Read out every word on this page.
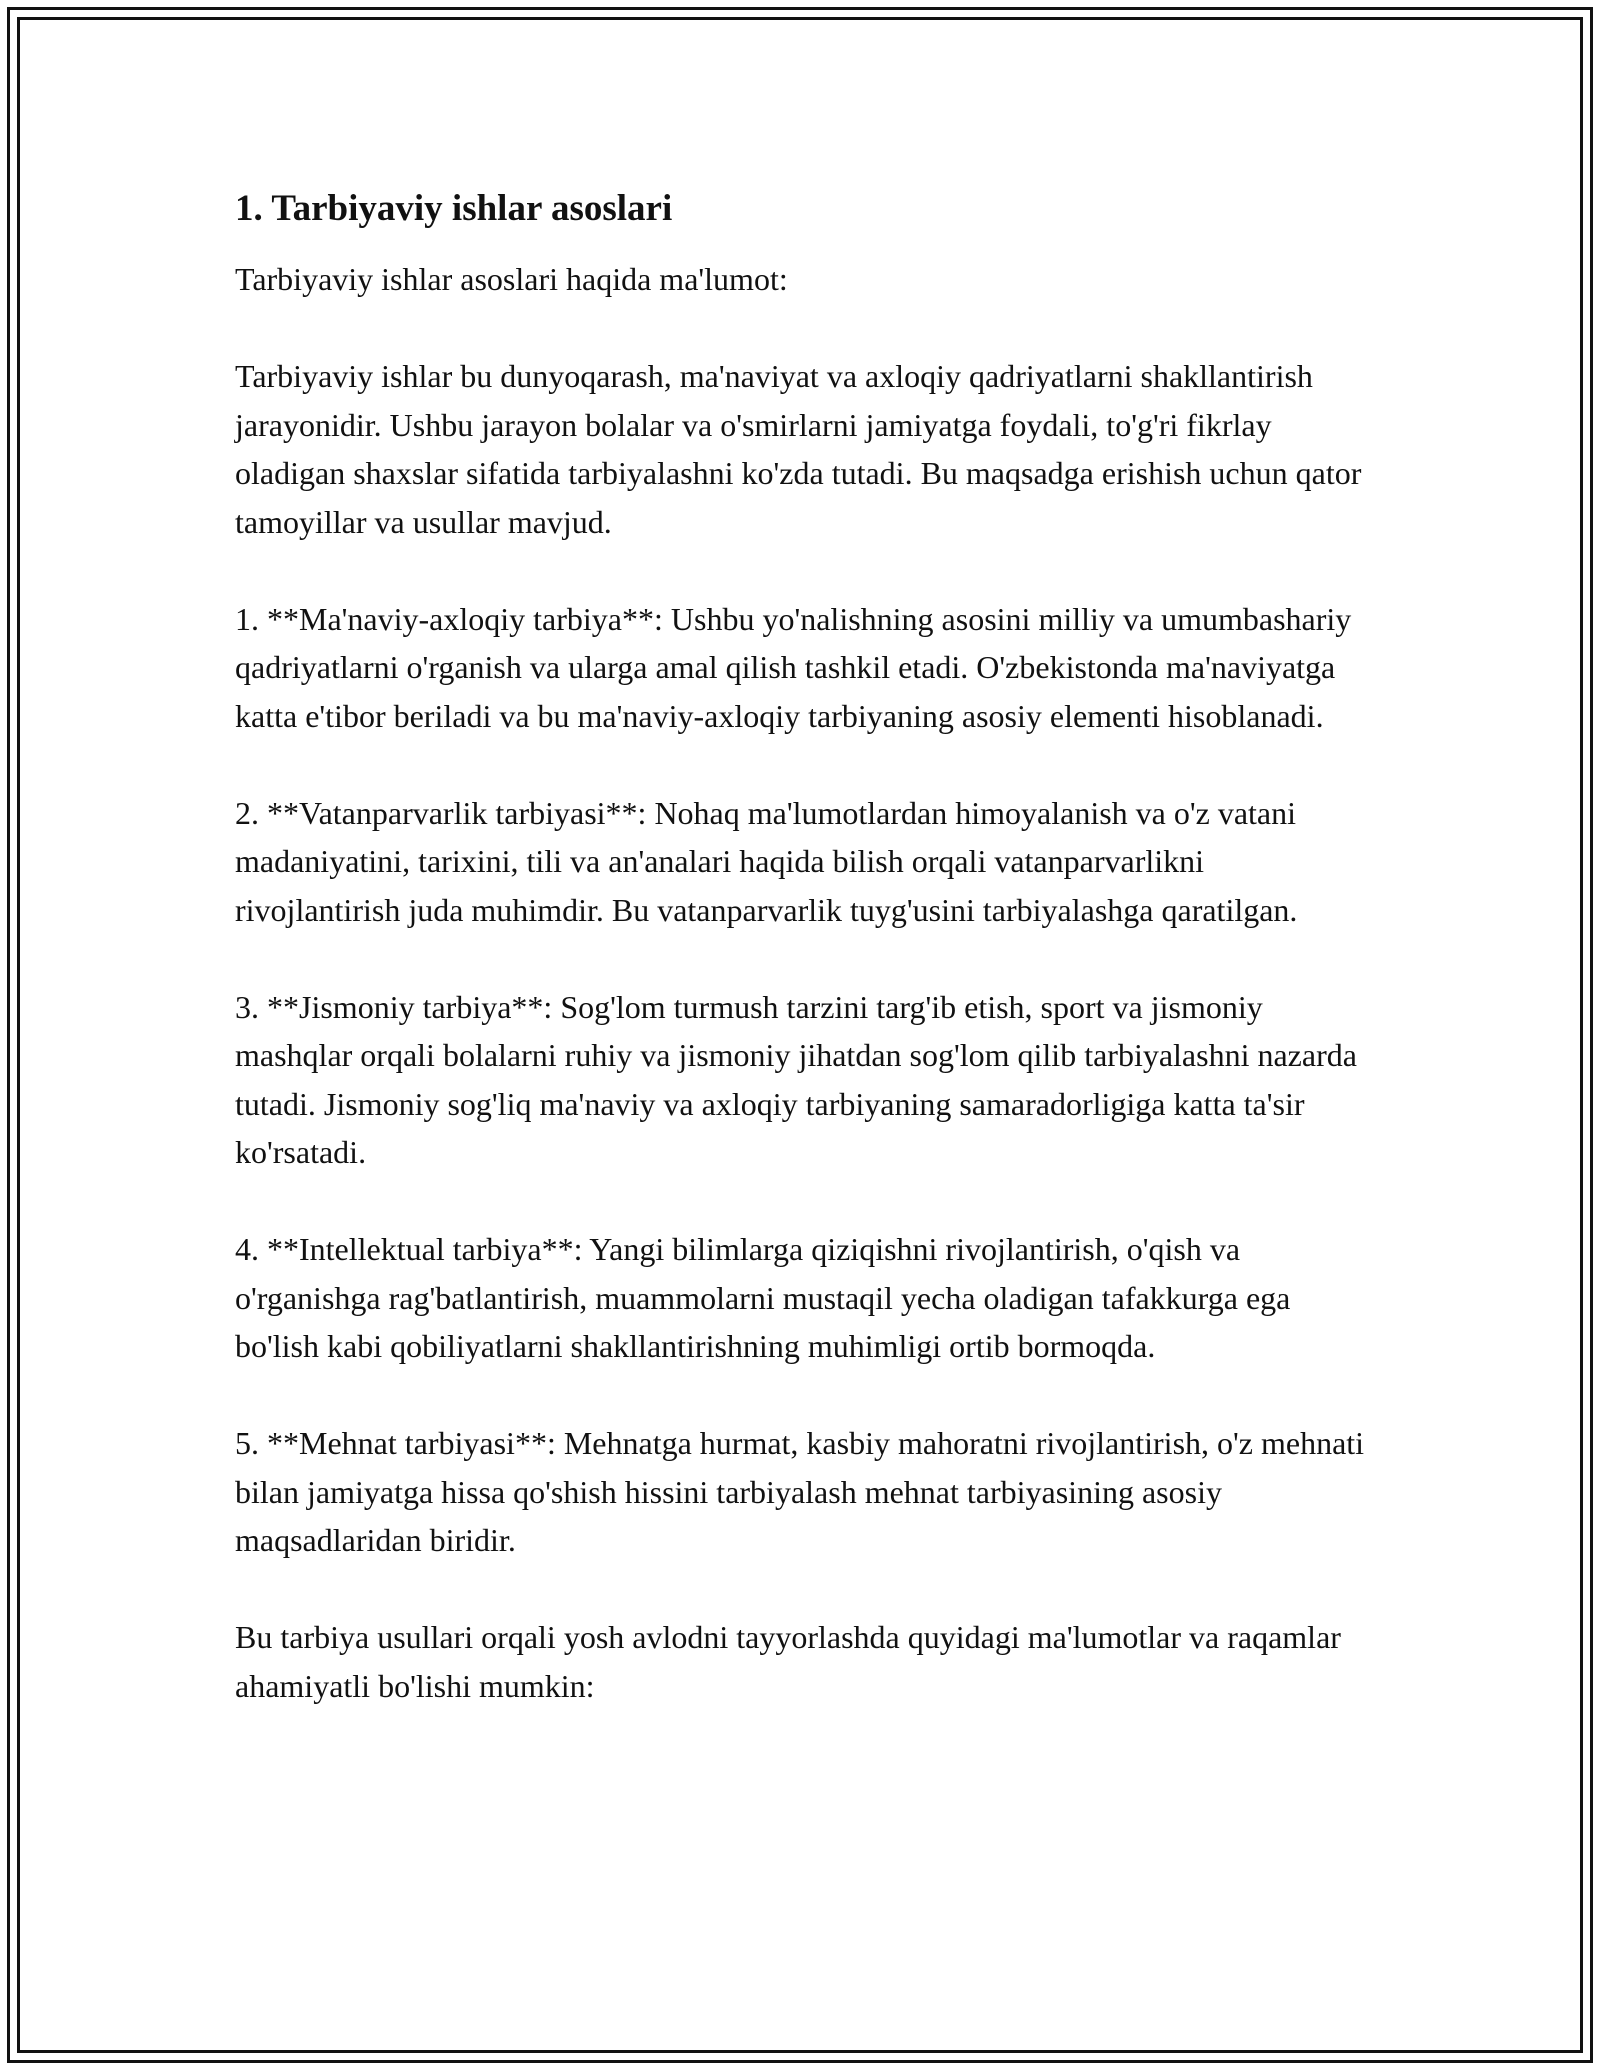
1. Tarbiyaviy ishlar asoslari

Tarbiyaviy ishlar asoslari haqida ma'lumot:

Tarbiyaviy ishlar bu dunyoqarash, ma'naviyat va axloqiy qadriyatlarni shakllantirish jarayonidir. Ushbu jarayon bolalar va o'smirlarni jamiyatga foydali, to'g'ri fikrlay oladigan shaxslar sifatida tarbiyalashni ko'zda tutadi. Bu maqsadga erishish uchun qator tamoyillar va usullar mavjud.

1. **Ma'naviy-axloqiy tarbiya**: Ushbu yo'nalishning asosini milliy va umumbashariy qadriyatlarni o'rganish va ularga amal qilish tashkil etadi. O'zbekistonda ma'naviyatga katta e'tibor beriladi va bu ma'naviy-axloqiy tarbiyaning asosiy elementi hisoblanadi.

2. **Vatanparvarlik tarbiyasi**: Nohaq ma'lumotlardan himoyalanish va o'z vatani madaniyatini, tarixini, tili va an'analari haqida bilish orqali vatanparvarlikni rivojlantirish juda muhimdir. Bu vatanparvarlik tuyg'usini tarbiyalashga qaratilgan.

3. **Jismoniy tarbiya**: Sog'lom turmush tarzini targ'ib etish, sport va jismoniy mashqlar orqali bolalarni ruhiy va jismoniy jihatdan sog'lom qilib tarbiyalashni nazarda tutadi. Jismoniy sog'liq ma'naviy va axloqiy tarbiyaning samaradorligiga katta ta'sir ko'rsatadi.

4. **Intellektual tarbiya**: Yangi bilimlarga qiziqishni rivojlantirish, o'qish va o'rganishga rag'batlantirish, muammolarni mustaqil yecha oladigan tafakkurga ega bo'lish kabi qobiliyatlarni shakllantirishning muhimligi ortib bormoqda.

5. **Mehnat tarbiyasi**: Mehnatga hurmat, kasbiy mahoratni rivojlantirish, o'z mehnati bilan jamiyatga hissa qo'shish hissini tarbiyalash mehnat tarbiyasining asosiy maqsadlaridan biridir.

Bu tarbiya usullari orqali yosh avlodni tayyorlashda quyidagi ma'lumotlar va raqamlar ahamiyatli bo'lishi mumkin:
